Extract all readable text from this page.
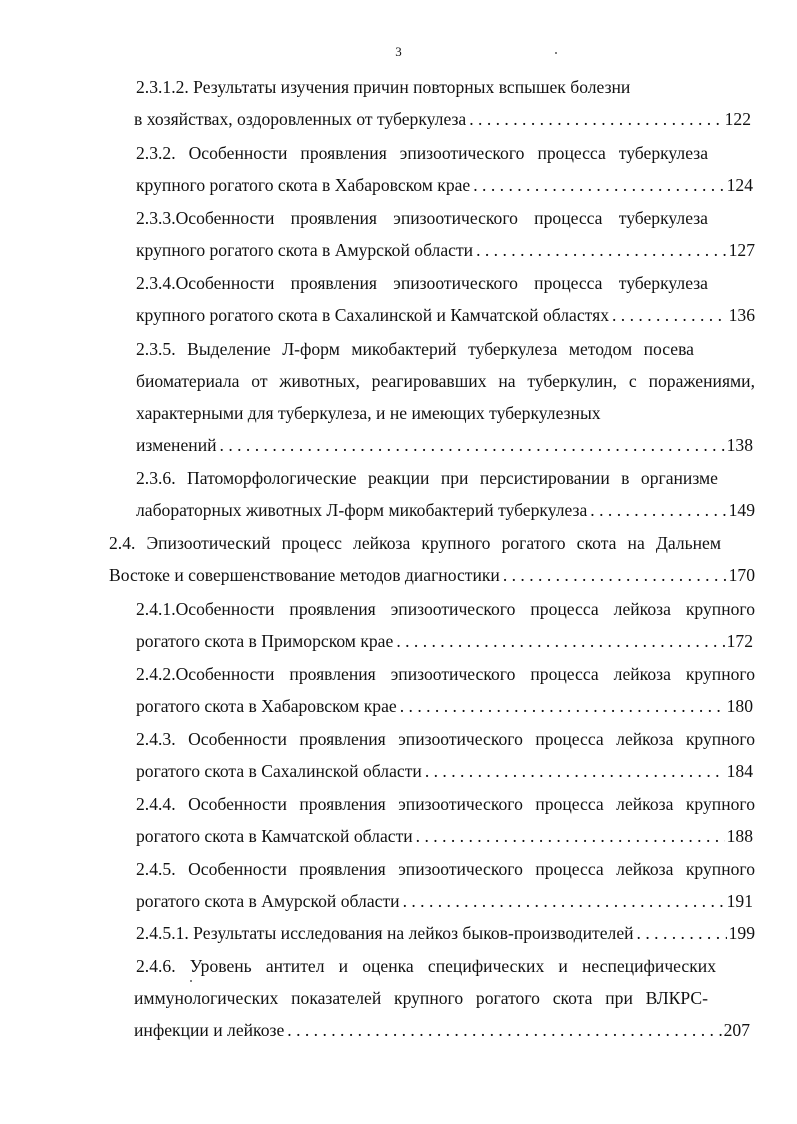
3
2.3.1.2. Результаты изучения причин повторных вспышек болезни
в хозяйствах, оздоровленных от туберкулеза . . .	122
2.3.2. Особенности проявления эпизоотического процесса туберкулеза
крупного рогатого скота в Хабаровском крае . . .	124
2.3.3.Особенности проявления эпизоотического процесса туберкулеза
крупного рогатого скота в Амурской области . . .	127
2.3.4.Особенности проявления эпизоотического процесса туберкулеза
крупного рогатого скота в Сахалинской и Камчатской областях . . .	136
2.3.5. Выделение Л-форм микобактерий туберкулеза методом посева
биоматериала от животных, реагировавших на туберкулин, с поражениями,
характерными для туберкулеза, и не имеющих туберкулезных
изменений . . .	138
2.3.6. Патоморфологические реакции при персистировании в организме
лабораторных животных Л-форм микобактерий туберкулеза . . .	149
2.4. Эпизоотический процесс лейкоза крупного рогатого скота на Дальнем
Востоке и совершенствование методов диагностики . . .	170
2.4.1.Особенности проявления эпизоотического процесса лейкоза крупного
рогатого скота в Приморском крае . . .	172
2.4.2.Особенности проявления эпизоотического процесса лейкоза крупного
рогатого скота в Хабаровском крае . . .	180
2.4.3. Особенности проявления эпизоотического процесса лейкоза крупного
рогатого скота в Сахалинской области . . .	184
2.4.4. Особенности проявления эпизоотического процесса лейкоза крупного
рогатого скота в Камчатской области . . .	188
2.4.5. Особенности проявления эпизоотического процесса лейкоза крупного
рогатого скота в Амурской области . . .	191
2.4.5.1. Результаты исследования на лейкоз быков-производителей . . .	199
2.4.6. Уровень антител и оценка специфических и неспецифических
иммунологических показателей крупного рогатого скота при ВЛКРС-
инфекции и лейкозе . . .	207
